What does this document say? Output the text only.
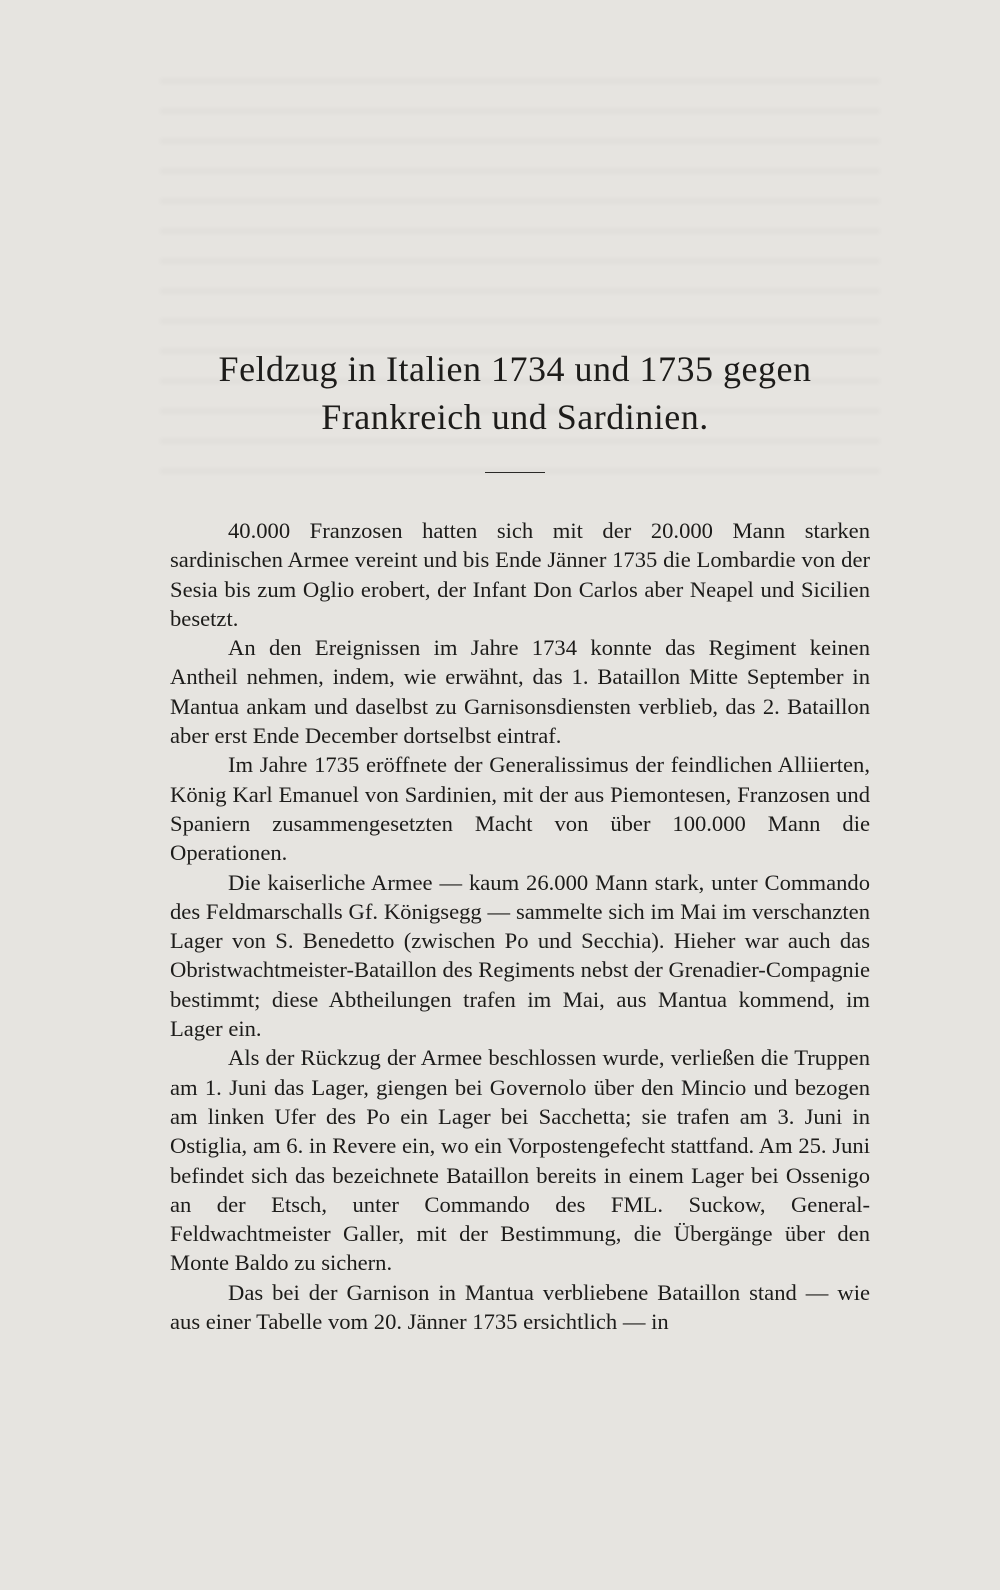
Feldzug in Italien 1734 und 1735 gegen
Frankreich und Sardinien.

40.000 Franzosen hatten sich mit der 20.000 Mann starken sardinischen Armee vereint und bis Ende Jänner 1735 die Lombardie von der Sesia bis zum Oglio erobert, der Infant Don Carlos aber Neapel und Sicilien besetzt.

An den Ereignissen im Jahre 1734 konnte das Regiment keinen Antheil nehmen, indem, wie erwähnt, das 1. Bataillon Mitte September in Mantua ankam und daselbst zu Garnisonsdiensten verblieb, das 2. Bataillon aber erst Ende December dortselbst eintraf.

Im Jahre 1735 eröffnete der Generalissimus der feindlichen Alliierten, König Karl Emanuel von Sardinien, mit der aus Piemontesen, Franzosen und Spaniern zusammengesetzten Macht von über 100.000 Mann die Operationen.

Die kaiserliche Armee — kaum 26.000 Mann stark, unter Commando des Feldmarschalls Gf. Königsegg — sammelte sich im Mai im verschanzten Lager von S. Benedetto (zwischen Po und Secchia). Hieher war auch das Obristwachtmeister-Bataillon des Regiments nebst der Grenadier-Compagnie bestimmt; diese Abtheilungen trafen im Mai, aus Mantua kommend, im Lager ein.

Als der Rückzug der Armee beschlossen wurde, verließen die Truppen am 1. Juni das Lager, giengen bei Governolo über den Mincio und bezogen am linken Ufer des Po ein Lager bei Sacchetta; sie trafen am 3. Juni in Ostiglia, am 6. in Revere ein, wo ein Vorpostengefecht stattfand. Am 25. Juni befindet sich das bezeichnete Bataillon bereits in einem Lager bei Ossenigo an der Etsch, unter Commando des FML. Suckow, General-Feldwachtmeister Galler, mit der Bestimmung, die Übergänge über den Monte Baldo zu sichern.

Das bei der Garnison in Mantua verbliebene Bataillon stand — wie aus einer Tabelle vom 20. Jänner 1735 ersichtlich — in
